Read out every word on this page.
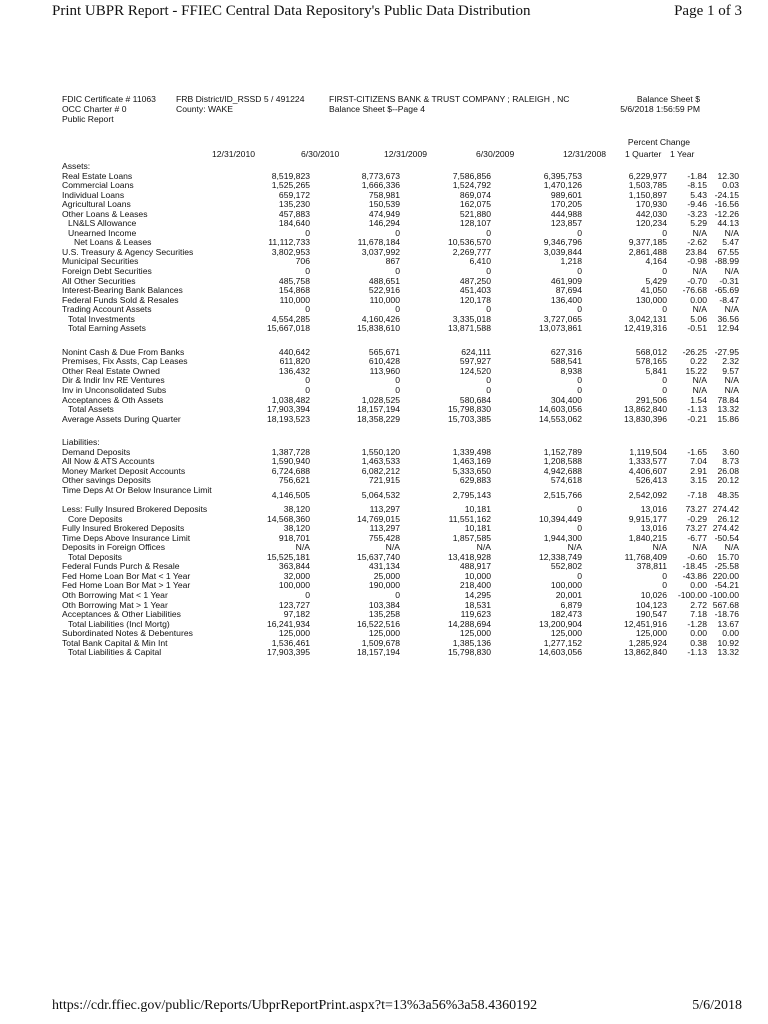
Print UBPR Report - FFIEC Central Data Repository's Public Data Distribution	Page 1 of 3
FDIC Certificate # 11063
OCC Charter # 0
Public Report
FRB District/ID_RSSD 5 / 491224
County: WAKE
FIRST-CITIZENS BANK & TRUST COMPANY ; RALEIGH , NC
Balance Sheet $--Page 4
Balance Sheet $
5/6/2018 1:56:59 PM
Percent Change
12/31/2010	6/30/2010	12/31/2009	6/30/2009	12/31/2008 1 Quarter 1 Year
Assets:
Real Estate Loans	8,519,823	8,773,673	7,586,856	6,395,753	6,229,977	-1.84	12.30
Commercial Loans	1,525,265	1,666,336	1,524,792	1,470,126	1,503,785	-8.15	0.03
Individual Loans	659,172	758,981	869,074	989,601	1,150,897	5.43 -24.15
Agricultural Loans	135,230	150,539	162,075	170,205	170,930	-9.46 -16.56
Other Loans & Leases	457,883	474,949	521,880	444,988	442,030	-3.23 -12.26
LN&LS Allowance	184,640	146,294	128,107	123,857	120,234	5.29	44.13
Unearned Income	0	0	0	0	0	N/A	N/A
Net Loans & Leases	11,112,733	11,678,184	10,536,570	9,346,796	9,377,185	-2.62	5.47
U.S. Treasury & Agency Securities	3,802,953	3,037,992	2,269,777	3,039,844	2,861,488	23.84	67.55
Municipal Securities	706	867	6,410	1,218	4,164	-0.98 -88.99
Foreign Debt Securities	0	0	0	0	0	N/A	N/A
All Other Securities	485,758	488,651	487,250	461,909	5,429	-0.70	-0.31
Interest-Bearing Bank Balances	154,868	522,916	451,403	87,694	41,050	-76.68 -65.69
Federal Funds Sold & Resales	110,000	110,000	120,178	136,400	130,000	0.00	-8.47
Trading Account Assets	0	0	0	0	0	N/A	N/A
Total Investments	4,554,285	4,160,426	3,335,018	3,727,065	3,042,131	5.06	36.56
Total Earning Assets	15,667,018	15,838,610	13,871,588	13,073,861	12,419,316	-0.51	12.94
Nonint Cash & Due From Banks	440,642	565,671	624,111	627,316	568,012	-26.25 -27.95
Premises, Fix Assts, Cap Leases	611,820	610,428	597,927	588,541	578,165	0.22	2.32
Other Real Estate Owned	136,432	113,960	124,520	8,938	5,841	15.22	9.57
Dir & Indir Inv RE Ventures	0	0	0	0	0	N/A	N/A
Inv in Unconsolidated Subs	0	0	0	0	0	N/A	N/A
Acceptances & Oth Assets	1,038,482	1,028,525	580,684	304,400	291,506	1.54	78.84
Total Assets	17,903,394	18,157,194	15,798,830	14,603,056	13,862,840	-1.13	13.32
Average Assets During Quarter	18,193,523	18,358,229	15,703,385	14,553,062	13,830,396	-0.21	15.86
Liabilities:
Demand Deposits	1,387,728	1,550,120	1,339,498	1,152,789	1,119,504	-1.65	3.60
All Now & ATS Accounts	1,590,940	1,463,533	1,463,169	1,208,588	1,333,577	7.04	8.73
Money Market Deposit Accounts	6,724,688	6,082,212	5,333,650	4,942,688	4,406,607	2.91	26.08
Other savings Deposits	756,621	721,915	629,883	574,618	526,413	3.15	20.12
Time Deps At Or Below Insurance Limit	4,146,505	5,064,532	2,795,143	2,515,766	2,542,092	-7.18	48.35
Less: Fully Insured Brokered Deposits	38,120	113,297	10,181	0	13,016	73.27 274.42
Core Deposits	14,568,360	14,769,015	11,551,162	10,394,449	9,915,177	-0.29	26.12
Fully Insured Brokered Deposits	38,120	113,297	10,181	0	13,016	73.27 274.42
Time Deps Above Insurance Limit	918,701	755,428	1,857,585	1,944,300	1,840,215	-6.77 -50.54
Deposits in Foreign Offices	N/A	N/A	N/A	N/A	N/A	N/A	N/A
Total Deposits	15,525,181	15,637,740	13,418,928	12,338,749	11,768,409	-0.60	15.70
Federal Funds Purch & Resale	363,844	431,134	488,917	552,802	378,811	-18.45 -25.58
Fed Home Loan Bor Mat < 1 Year	32,000	25,000	10,000	0	0	-43.86 220.00
Fed Home Loan Bor Mat > 1 Year	100,000	190,000	218,400	100,000	0	0.00 -54.21
Oth Borrowing Mat < 1 Year	0	0	14,295	20,001	10,026	-100.00 -100.00
Oth Borrowing Mat > 1 Year	123,727	103,384	18,531	6,879	104,123	2.72 567.68
Acceptances & Other Liabilities	97,182	135,258	119,623	182,473	190,547	7.18 -18.76
Total Liabilities (Incl Mortg)	16,241,934	16,522,516	14,288,694	13,200,904	12,451,916	-1.28	13.67
Subordinated Notes & Debentures	125,000	125,000	125,000	125,000	125,000	0.00	0.00
Total Bank Capital & Min Int	1,536,461	1,509,678	1,385,136	1,277,152	1,285,924	0.38	10.92
Total Liabilities & Capital	17,903,395	18,157,194	15,798,830	14,603,056	13,862,840	-1.13	13.32
https://cdr.ffiec.gov/public/Reports/UbprReportPrint.aspx?t=13%3a56%3a58.4360192	5/6/2018
